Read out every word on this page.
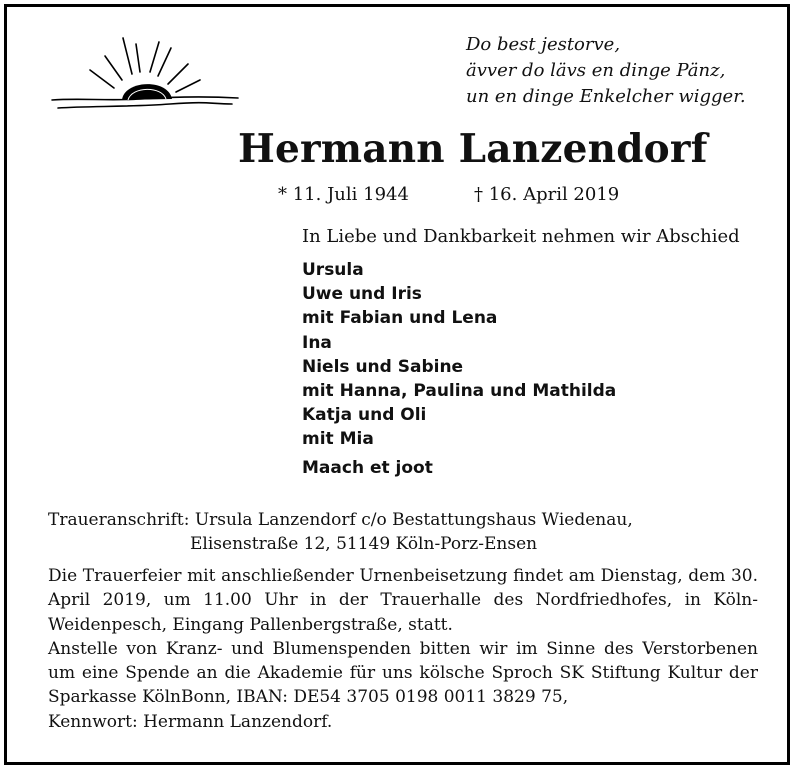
Do best jestorve,
ävver do lävs en dinge Pänz,
un en dinge Enkelcher wigger.
Hermann Lanzendorf
* 11. Juli 1944	† 16. April 2019
In Liebe und Dankbarkeit nehmen wir Abschied
Ursula
Uwe und Iris
mit Fabian und Lena
Ina
Niels und Sabine
mit Hanna, Paulina und Mathilda
Katja und Oli
mit Mia
Maach et joot
Traueranschrift: Ursula Lanzendorf c/o Bestattungshaus Wiedenau,
Elisenstraße 12, 51149 Köln-Porz-Ensen

Die Trauerfeier mit anschließender Urnenbeisetzung findet am Dienstag, dem 30. April 2019, um 11.00 Uhr in der Trauerhalle des Nordfriedhofes, in Köln-Weidenpesch, Eingang Pallenbergstraße, statt.

Anstelle von Kranz- und Blumenspenden bitten wir im Sinne des Verstorbenen um eine Spende an die Akademie für uns kölsche Sproch SK Stiftung Kultur der Sparkasse KölnBonn, IBAN: DE54 3705 0198 0011 3829 75,

Kennwort: Hermann Lanzendorf.
